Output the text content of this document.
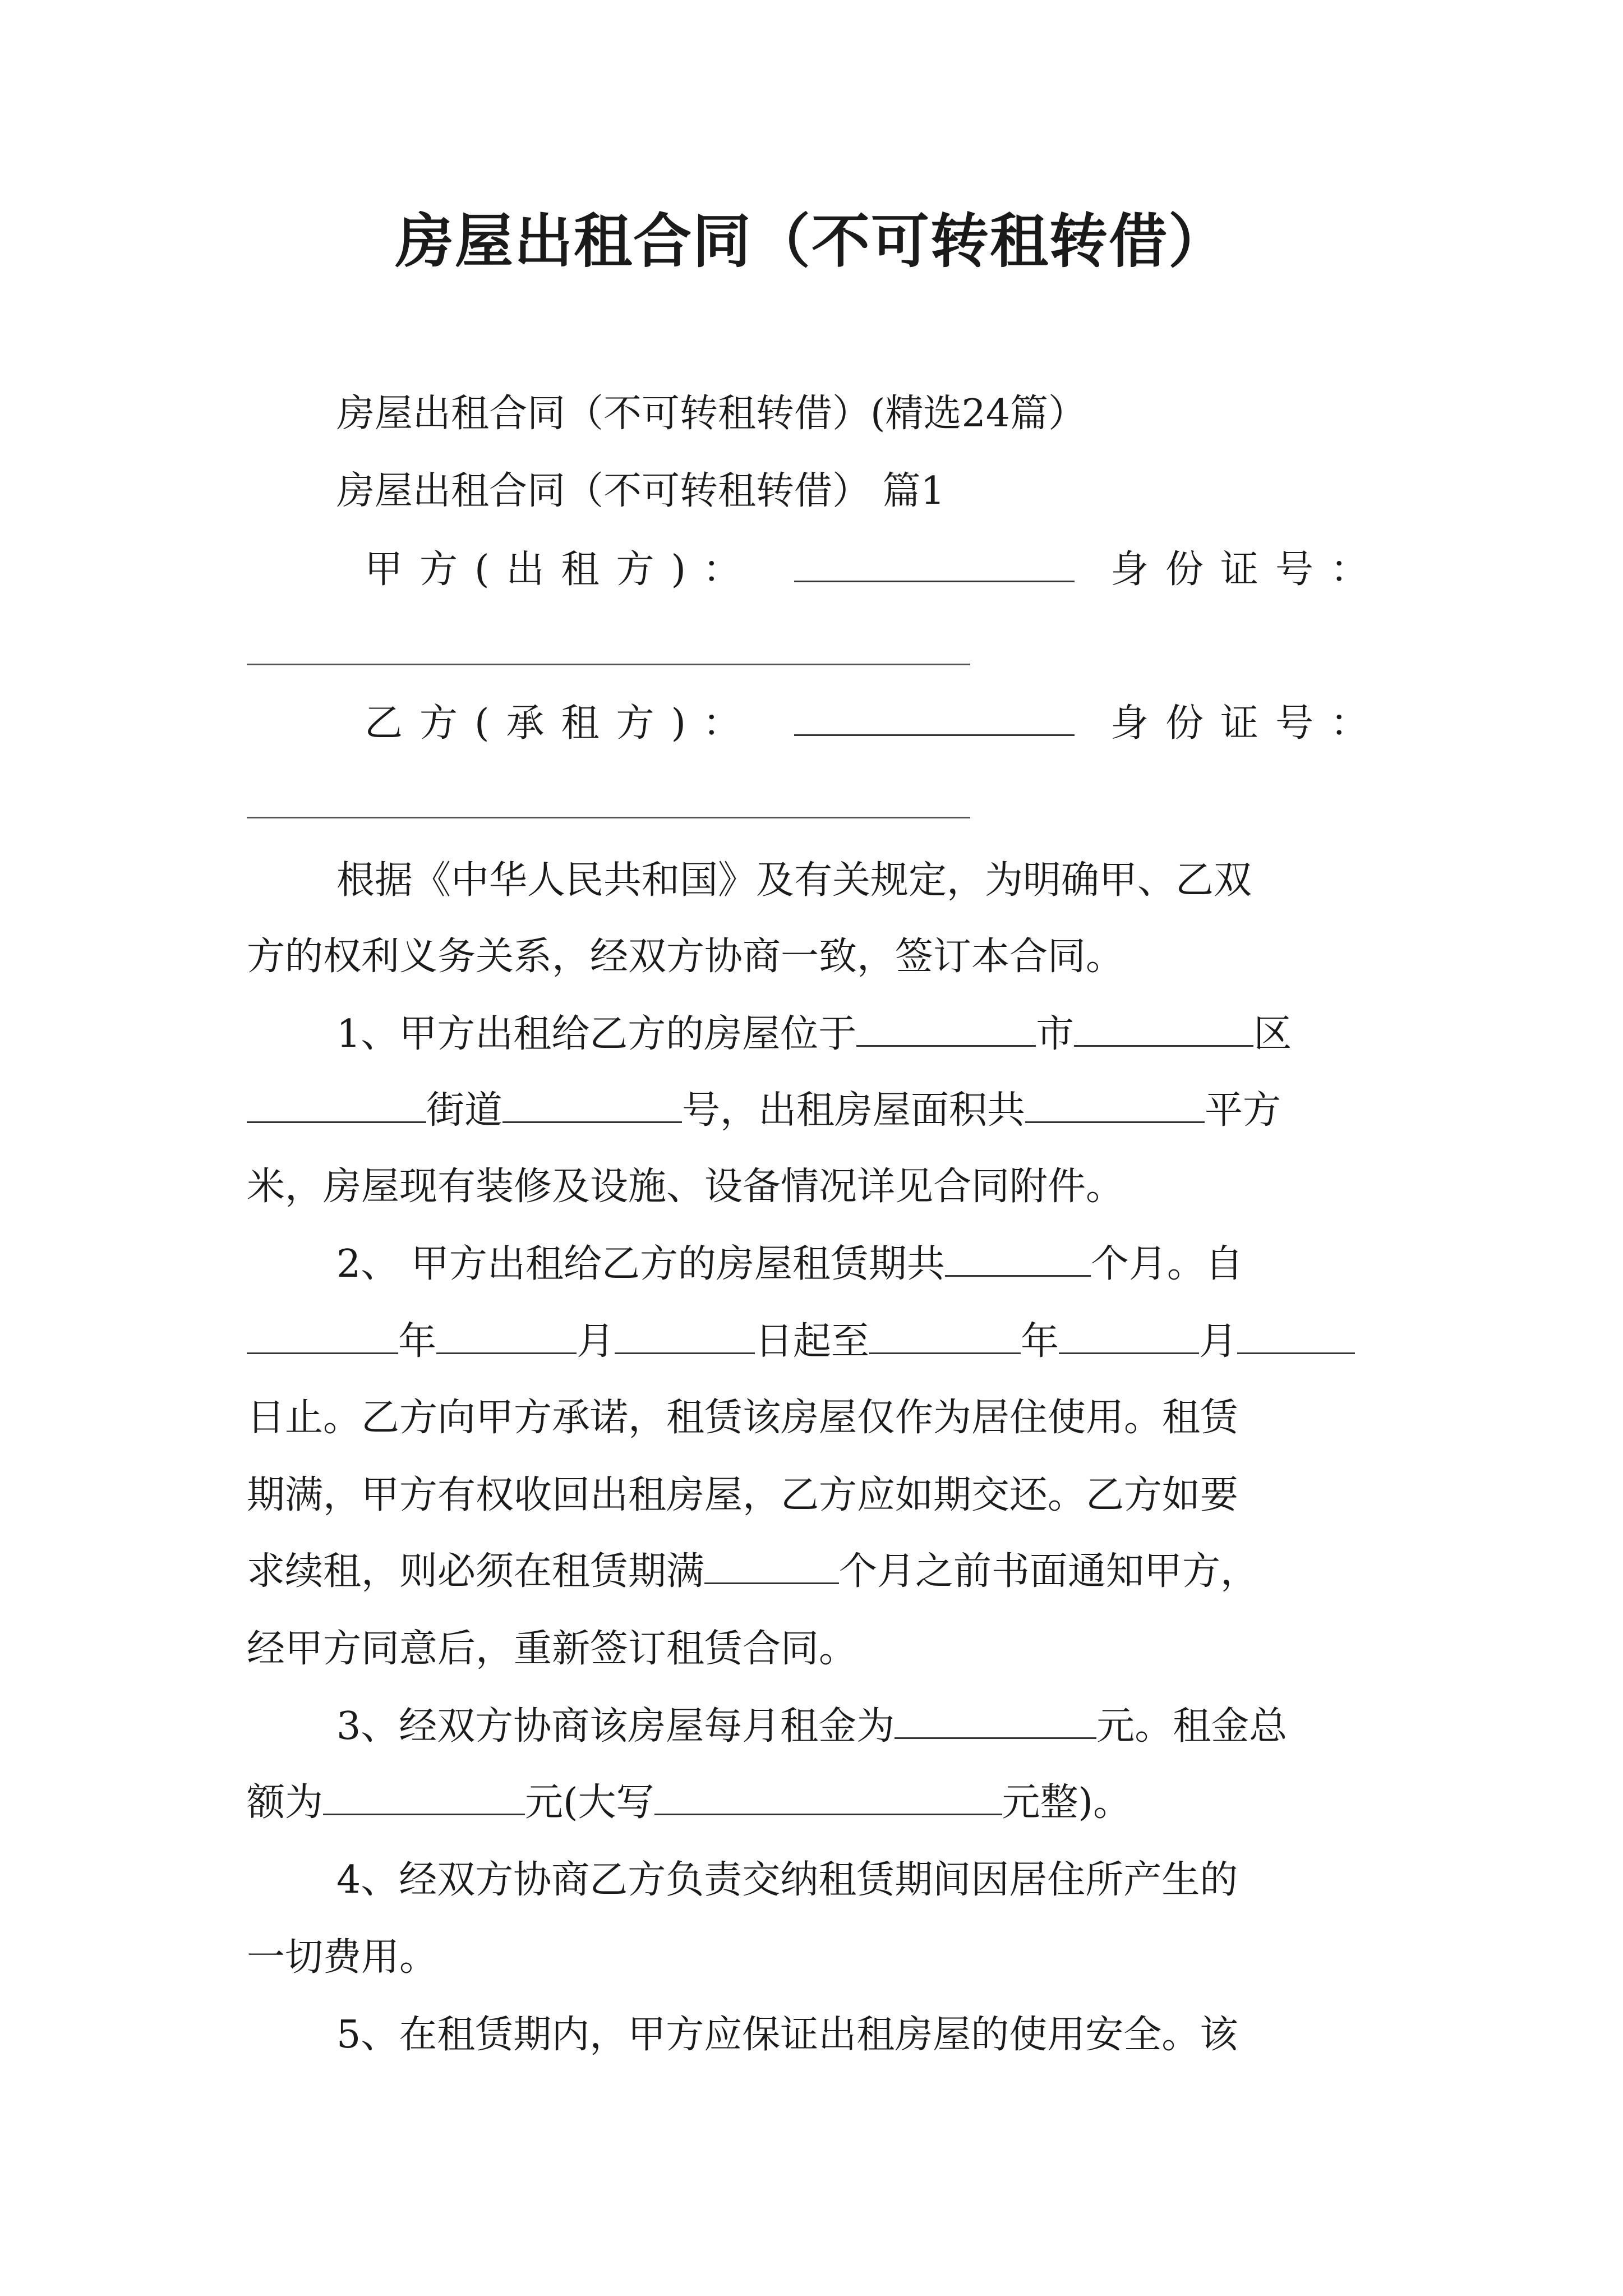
房屋出租合同（不可转租转借）
房屋出租合同（不可转租转借）(精选24篇）
房屋出租合同（不可转租转借） 篇1
甲方(出租方)：	身份证号：
乙方(承租方)：	身份证号：
根据《中华人民共和国》及有关规定，为明确甲、乙双
方的权利义务关系，经双方协商一致，签订本合同。
1、甲方出租给乙方的房屋位于	市	区
街道	号，出租房屋面积共	平方
米，房屋现有装修及设施、设备情况详见合同附件。
2、 甲方出租给乙方的房屋租赁期共	个月。自
年	月	日起至	年	月
日止。乙方向甲方承诺，租赁该房屋仅作为居住使用。租赁
期满，甲方有权收回出租房屋，乙方应如期交还。乙方如要
求续租，则必须在租赁期满	个月之前书面通知甲方，
经甲方同意后，重新签订租赁合同。
3、经双方协商该房屋每月租金为	元。租金总
额为	元(大写	元整)。
4、经双方协商乙方负责交纳租赁期间因居住所产生的
一切费用。
5、在租赁期内，甲方应保证出租房屋的使用安全。该
